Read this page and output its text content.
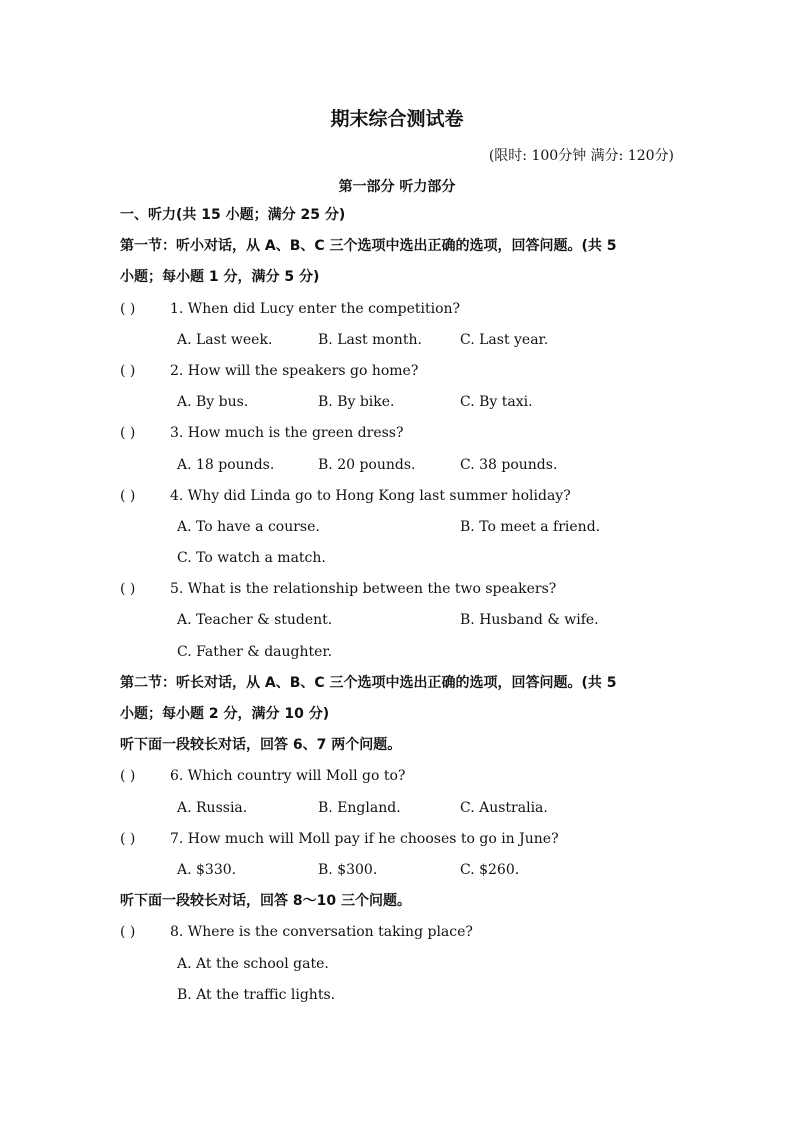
期末综合测试卷
(限时: 100分钟 满分: 120分)
第一部分 听力部分
一、听力(共 15 小题；满分 25 分)
第一节：听小对话，从 A、B、C 三个选项中选出正确的选项，回答问题。(共 5
小题；每小题 1 分，满分 5 分)
( ) 1. When did Lucy enter the competition?
A. Last week.	B. Last month.	C. Last year.
( ) 2. How will the speakers go home?
A. By bus.	B. By bike.	C. By taxi.
( ) 3. How much is the green dress?
A. 18 pounds.	B. 20 pounds.	C. 38 pounds.
( ) 4. Why did Linda go to Hong Kong last summer holiday?
A. To have a course.	B. To meet a friend.
C. To watch a match.
( ) 5. What is the relationship between the two speakers?
A. Teacher & student.	B. Husband & wife.
C. Father & daughter.
第二节：听长对话，从 A、B、C 三个选项中选出正确的选项，回答问题。(共 5
小题；每小题 2 分，满分 10 分)
听下面一段较长对话，回答 6、7 两个问题。
( ) 6. Which country will Moll go to?
A. Russia.	B. England.	C. Australia.
( ) 7. How much will Moll pay if he chooses to go in June?
A. $330.	B. $300.	C. $260.
听下面一段较长对话，回答 8～10 三个问题。
( ) 8. Where is the conversation taking place?
A. At the school gate.
B. At the traffic lights.
